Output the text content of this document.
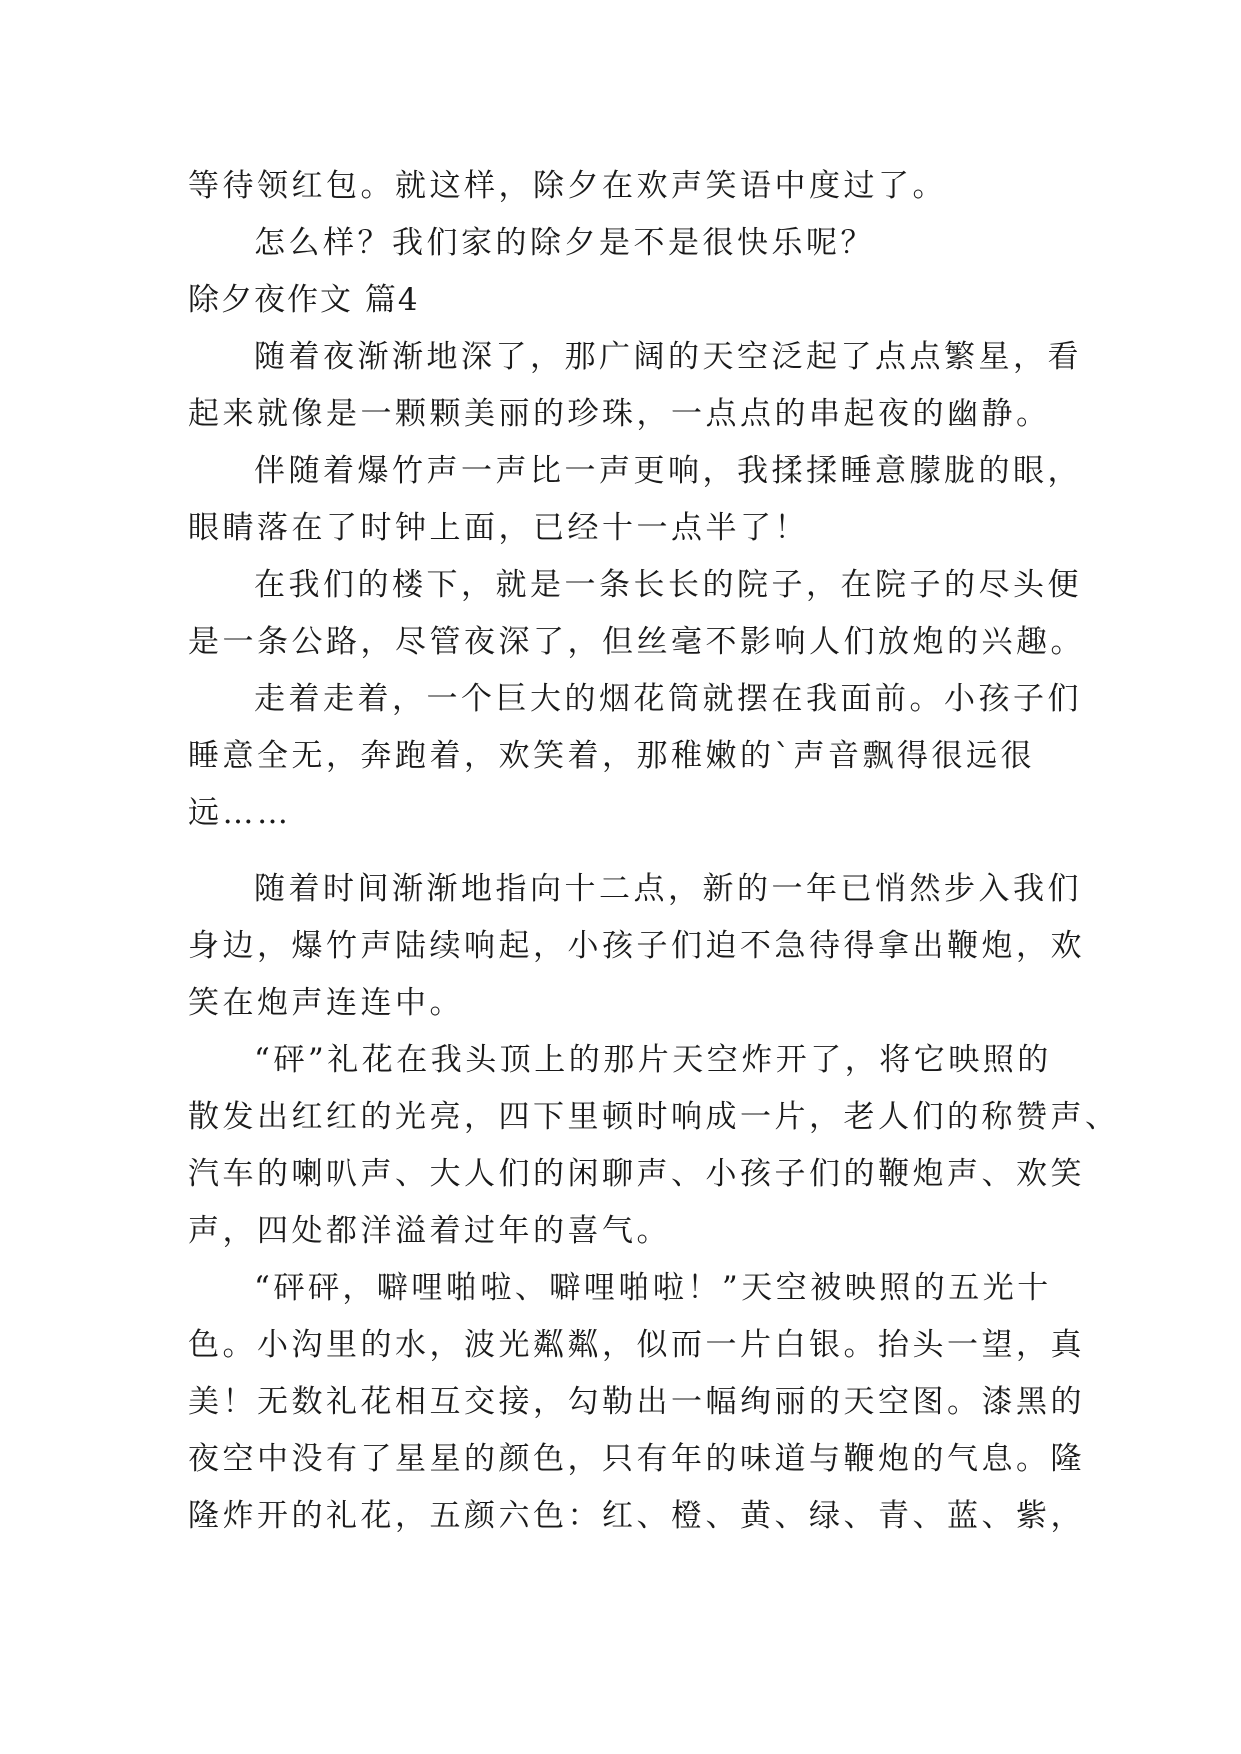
等待领红包。就这样，除夕在欢声笑语中度过了。
怎么样？我们家的除夕是不是很快乐呢？
除夕夜作文 篇4
随着夜渐渐地深了，那广阔的天空泛起了点点繁星，看
起来就像是一颗颗美丽的珍珠，一点点的串起夜的幽静。
伴随着爆竹声一声比一声更响，我揉揉睡意朦胧的眼，
眼睛落在了时钟上面，已经十一点半了！
在我们的楼下，就是一条长长的院子，在院子的尽头便
是一条公路，尽管夜深了，但丝毫不影响人们放炮的兴趣。
走着走着，一个巨大的烟花筒就摆在我面前。小孩子们
睡意全无，奔跑着，欢笑着，那稚嫩的`声音飘得很远很
远……
随着时间渐渐地指向十二点，新的一年已悄然步入我们
身边，爆竹声陆续响起，小孩子们迫不急待得拿出鞭炮，欢
笑在炮声连连中。
“砰”礼花在我头顶上的那片天空炸开了，将它映照的
散发出红红的光亮，四下里顿时响成一片，老人们的称赞声、
汽车的喇叭声、大人们的闲聊声、小孩子们的鞭炮声、欢笑
声，四处都洋溢着过年的喜气。
“砰砰，噼哩啪啦、噼哩啪啦！”天空被映照的五光十
色。小沟里的水，波光粼粼，似而一片白银。抬头一望，真
美！无数礼花相互交接，勾勒出一幅绚丽的天空图。漆黑的
夜空中没有了星星的颜色，只有年的味道与鞭炮的气息。隆
隆炸开的礼花，五颜六色：红、橙、黄、绿、青、蓝、紫，
